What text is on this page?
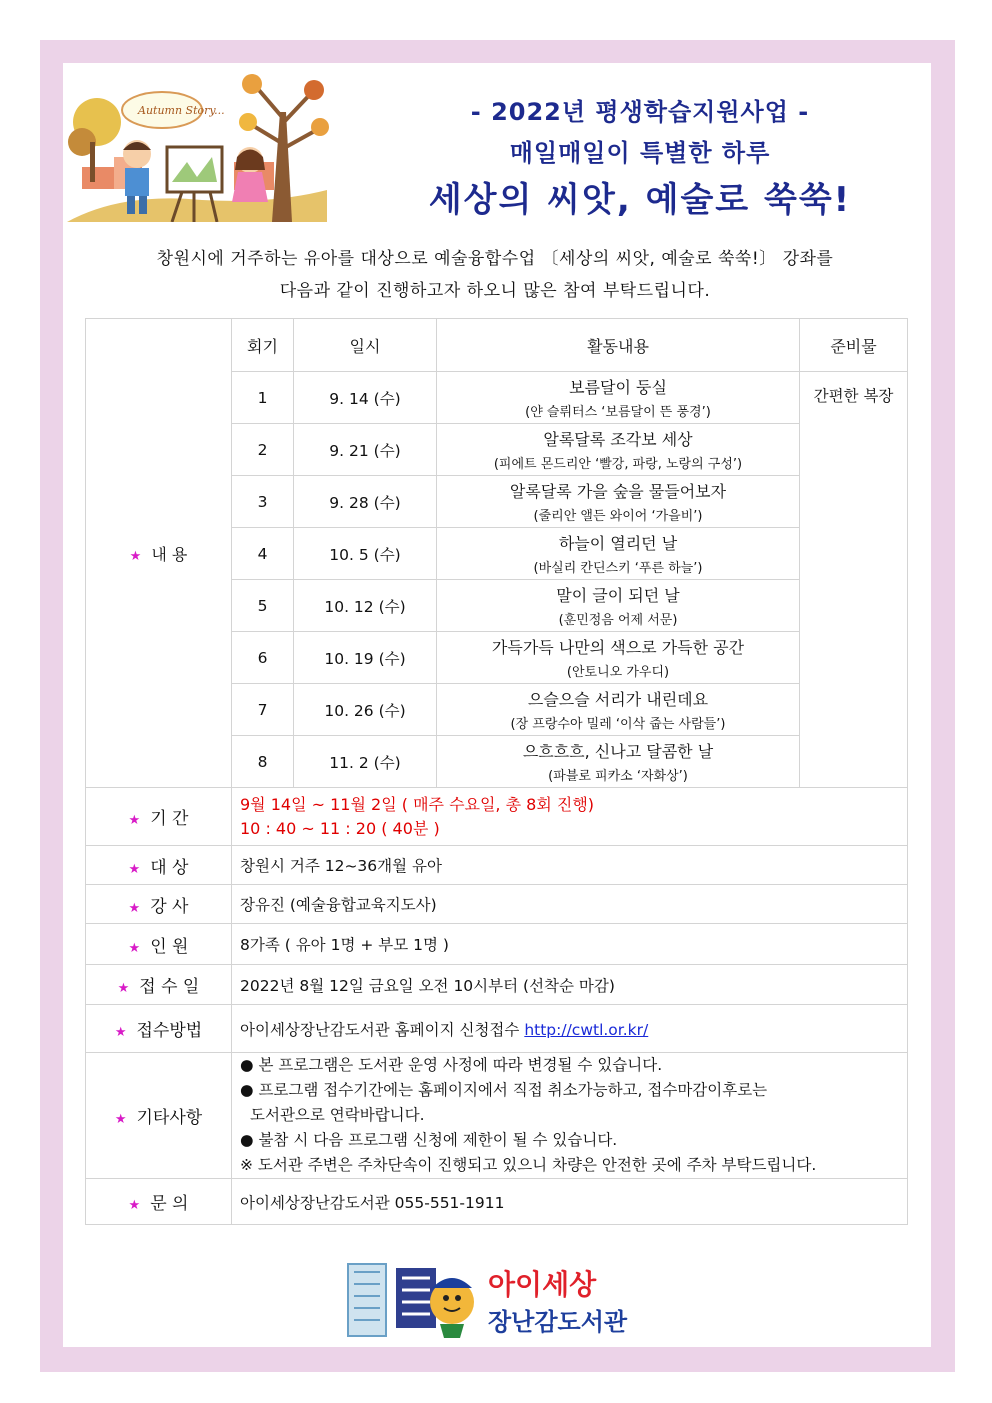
Autumn Story...	- 2022년 평생학습지원사업 -
매일매일이 특별한 하루
세상의 씨앗, 예술로 쑥쑥!
창원시에 거주하는 유아를 대상으로 예술융합수업 〔세상의 씨앗, 예술로 쑥쑥!〕 강좌를
다음과 같이 진행하고자 하오니 많은 참여 부탁드립니다.
★ 내 용	회기	일시	활동내용	준비물
	1	9. 14 (수)	보름달이 둥실
(얀 슬뤼터스 ‘보름달이 뜬 풍경’)	간편한 복장
	2	9. 21 (수)	알록달록 조각보 세상
(피에트 몬드리안 ‘빨강, 파랑, 노랑의 구성’)	

	3	9. 28 (수)	알록달록 가을 숲을 물들어보자
(줄리안 앨든 와이어 ‘가을비’)	

	4	10. 5 (수)	하늘이 열리던 날
(바실리 칸딘스키 ‘푸른 하늘’)	

	5	10. 12 (수)	말이 글이 되던 날
(훈민정음 어제 서문)	

	6	10. 19 (수)	가득가득 나만의 색으로 가득한 공간
(안토니오 가우디)	

	7	10. 26 (수)	으슬으슬 서리가 내린데요
(장 프랑수아 밀레 ‘이삭 줍는 사람들’)	

	8	11. 2 (수)	으흐흐흐, 신나고 달콤한 날
(파블로 피카소 ‘자화상’)	

★ 기 간	9월 14일 ~ 11월 2일 ( 매주 수요일, 총 8회 진행)
10 : 40 ~ 11 : 20 ( 40분 )			

★ 대 상	창원시 거주 12~36개월 유아			
★ 강 사	장유진 (예술융합교육지도사)			
★ 인 원	8가족 ( 유아 1명 + 부모 1명 )			
★ 접 수 일	2022년 8월 12일 금요일 오전 10시부터 (선착순 마감)			
★ 접수방법	아이세상장난감도서관 홈페이지 신청접수 http://cwtl.or.kr/			
★ 기타사항	● 본 프로그램은 도서관 운영 사정에 따라 변경될 수 있습니다.
● 프로그램 접수기간에는 홈페이지에서 직접 취소가능하고, 접수마감이후로는
도서관으로 연락바랍니다.
● 불참 시 다음 프로그램 신청에 제한이 될 수 있습니다.
※ 도서관 주변은 주차단속이 진행되고 있으니 차량은 안전한 곳에 주차 부탁드립니다.			

★ 문 의	아이세상장난감도서관 055-551-1911			
아이세상
장난감도서관
